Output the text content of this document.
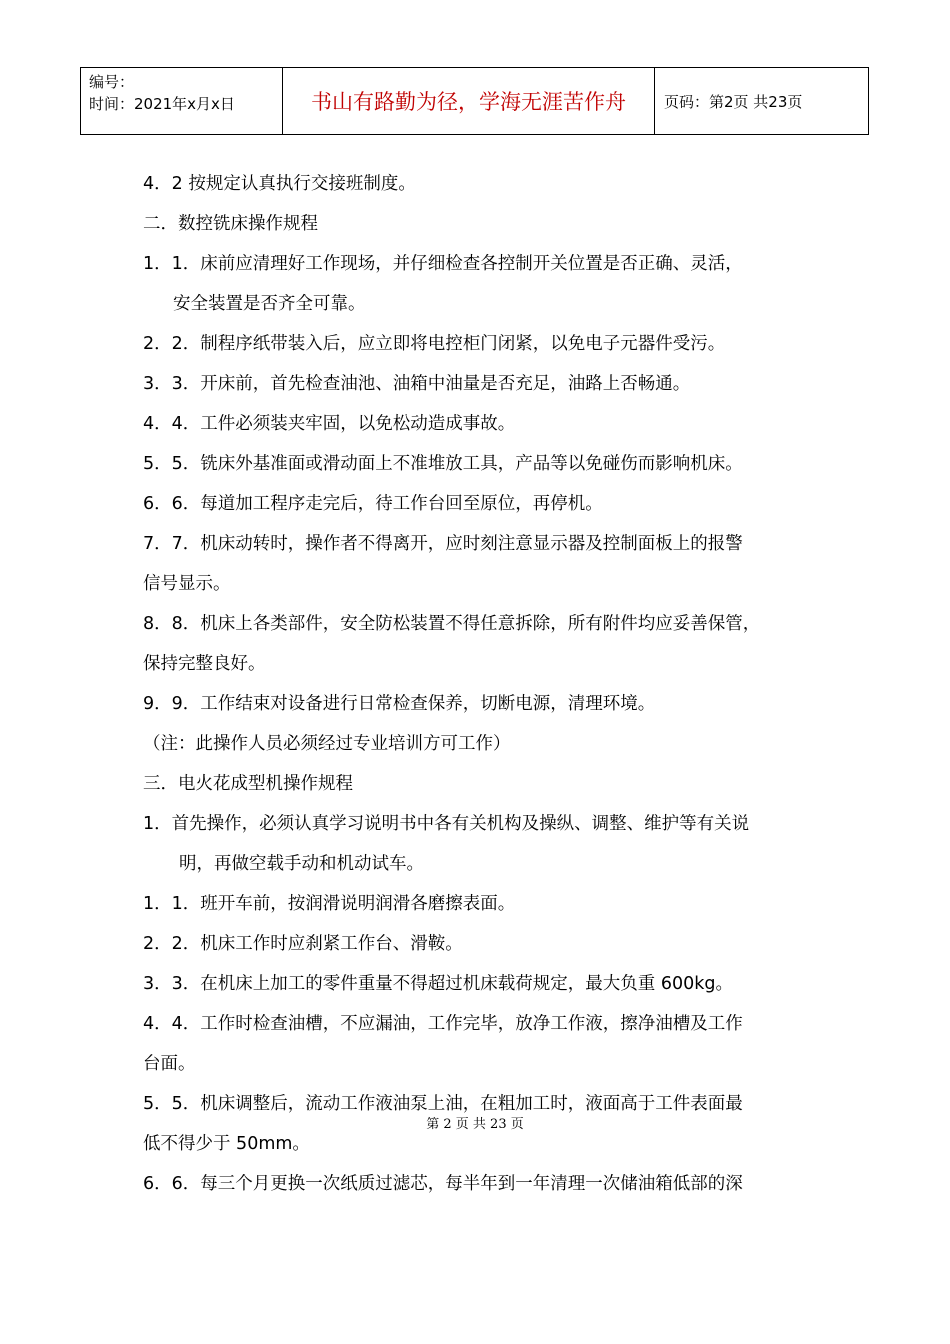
编号：
时间：2021年x月x日	书山有路勤为径，学海无涯苦作舟	页码：第2页 共23页
4．2 按规定认真执行交接班制度。
二．数控铣床操作规程
1．1．床前应清理好工作现场，并仔细检查各控制开关位置是否正确、灵活，
安全装置是否齐全可靠。
2．2．制程序纸带装入后，应立即将电控柜门闭紧，以免电子元器件受污。
3．3．开床前，首先检查油池、油箱中油量是否充足，油路上否畅通。
4．4．工件必须装夹牢固，以免松动造成事故。
5．5．铣床外基准面或滑动面上不准堆放工具，产品等以免碰伤而影响机床。
6．6．每道加工程序走完后，待工作台回至原位，再停机。
7．7．机床动转时，操作者不得离开，应时刻注意显示器及控制面板上的报警
信号显示。
8．8．机床上各类部件，安全防松装置不得任意拆除，所有附件均应妥善保管，
保持完整良好。
9．9．工作结束对设备进行日常检查保养，切断电源，清理环境。
（注：此操作人员必须经过专业培训方可工作）
三．电火花成型机操作规程
1．首先操作，必须认真学习说明书中各有关机构及操纵、调整、维护等有关说
明，再做空载手动和机动试车。
1．1．班开车前，按润滑说明润滑各磨擦表面。
2．2．机床工作时应刹紧工作台、滑鞍。
3．3．在机床上加工的零件重量不得超过机床载荷规定，最大负重 600kg。
4．4．工作时检查油槽，不应漏油，工作完毕，放净工作液，擦净油槽及工作
台面。
5．5．机床调整后，流动工作液油泵上油，在粗加工时，液面高于工件表面最
低不得少于 50mm。
6．6．每三个月更换一次纸质过滤芯，每半年到一年清理一次储油箱低部的深
第 2 页 共 23 页
